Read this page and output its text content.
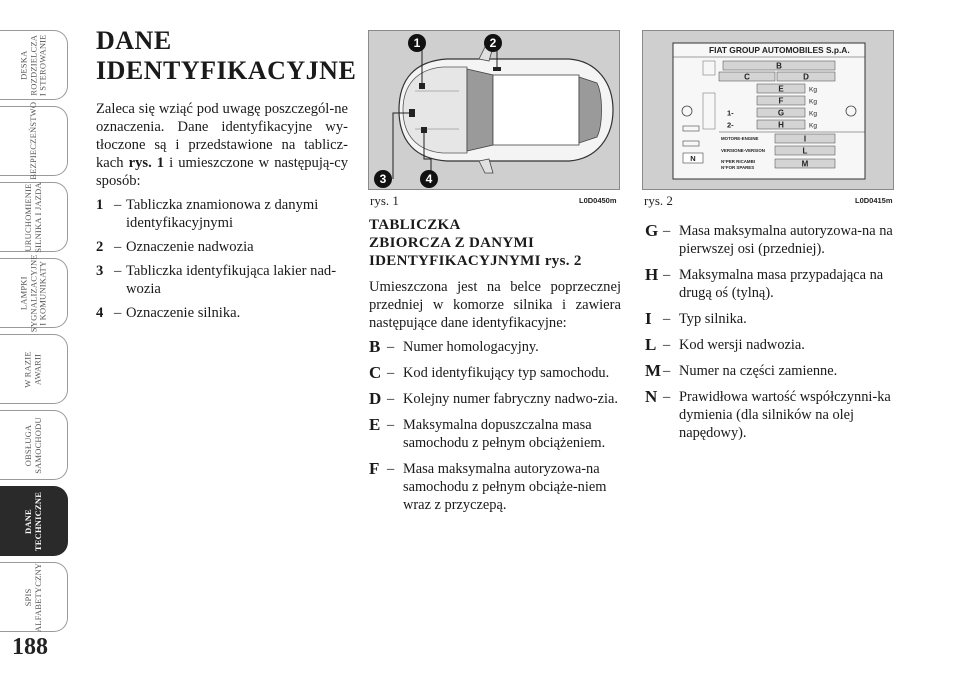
DESKA
ROZDZIELCZA
I STEROWANIE
BEZPIECZEŃSTWO
URUCHOMIENIE
SILNIKA I JAZDA
LAMPKI
SYGNALIZACYJNE
I KOMUNIKATY
W RAZIE
AWARII
OBSŁUGA
SAMOCHODU
DANE
TECHNICZNE
SPIS
ALFABETYCZNY
188
DANE
IDENTYFIKACYJNE

Zaleca się wziąć pod uwagę poszczegól-ne oznaczenia. Dane identyfikacyjne wy-tłoczone są i przedstawione na tablicz-kach rys. 1 i umieszczone w następują-cy sposób:

1 – Tabliczka znamionowa z danymi identyfikacyjnymi
2 – Oznaczenie nadwozia
3 – Tabliczka identyfikująca lakier nad-wozia
4 – Oznaczenie silnika.
1	2
3	4
rys. 1	L0D0450m
FIAT GROUP AUTOMOBILES S.p.A.
B
C	D
E	Kg
F	Kg
1-	G	Kg
2-	H	Kg
MOTORE-ENGINE	I
VERSIONE-VERSION	L
N°PER RICAMBI
N°FOR SPARES	M
N
rys. 2	L0D0415m
TABLICZKA
ZBIORCZA Z DANYMI
IDENTYFIKACYJNYMI rys. 2

Umieszczona jest na belce poprzecznej przedniej w komorze silnika i zawiera następujące dane identyfikacyjne:

B – Numer homologacyjny.
C – Kod identyfikujący typ samochodu.
D – Kolejny numer fabryczny nadwo-zia.
E – Maksymalna dopuszczalna masa samochodu z pełnym obciążeniem.
F – Masa maksymalna autoryzowa-na samochodu z pełnym obciąże-niem wraz z przyczepą.
G – Masa maksymalna autoryzowa-na na pierwszej osi (przedniej).
H – Maksymalna masa przypadająca na drugą oś (tylną).
I – Typ silnika.
L – Kod wersji nadwozia.
M – Numer na części zamienne.
N – Prawidłowa wartość współczynni-ka dymienia (dla silników na olej napędowy).
